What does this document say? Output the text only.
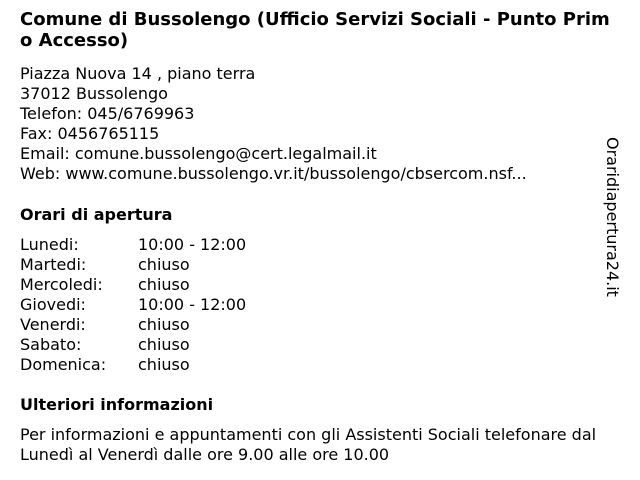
Comune di Bussolengo (Ufficio Servizi Sociali - Punto Primo Accesso)
Piazza Nuova 14 , piano terra
37012 Bussolengo
Telefon: 045/6769963
Fax: 0456765115
Email: comune.bussolengo@cert.legalmail.it
Web: www.comune.bussolengo.vr.it/bussolengo/cbsercom.nsf...
Orari di apertura
Lunedi:	10:00 - 12:00
Martedi:	chiuso
Mercoledi:	chiuso
Giovedi:	10:00 - 12:00
Venerdi:	chiuso
Sabato:	chiuso
Domenica:	chiuso
Ulteriori informazioni
Per informazioni e appuntamenti con gli Assistenti Sociali telefonare dal Lunedì al Venerdì dalle ore 9.00 alle ore 10.00
Oraridiapertura24.it
